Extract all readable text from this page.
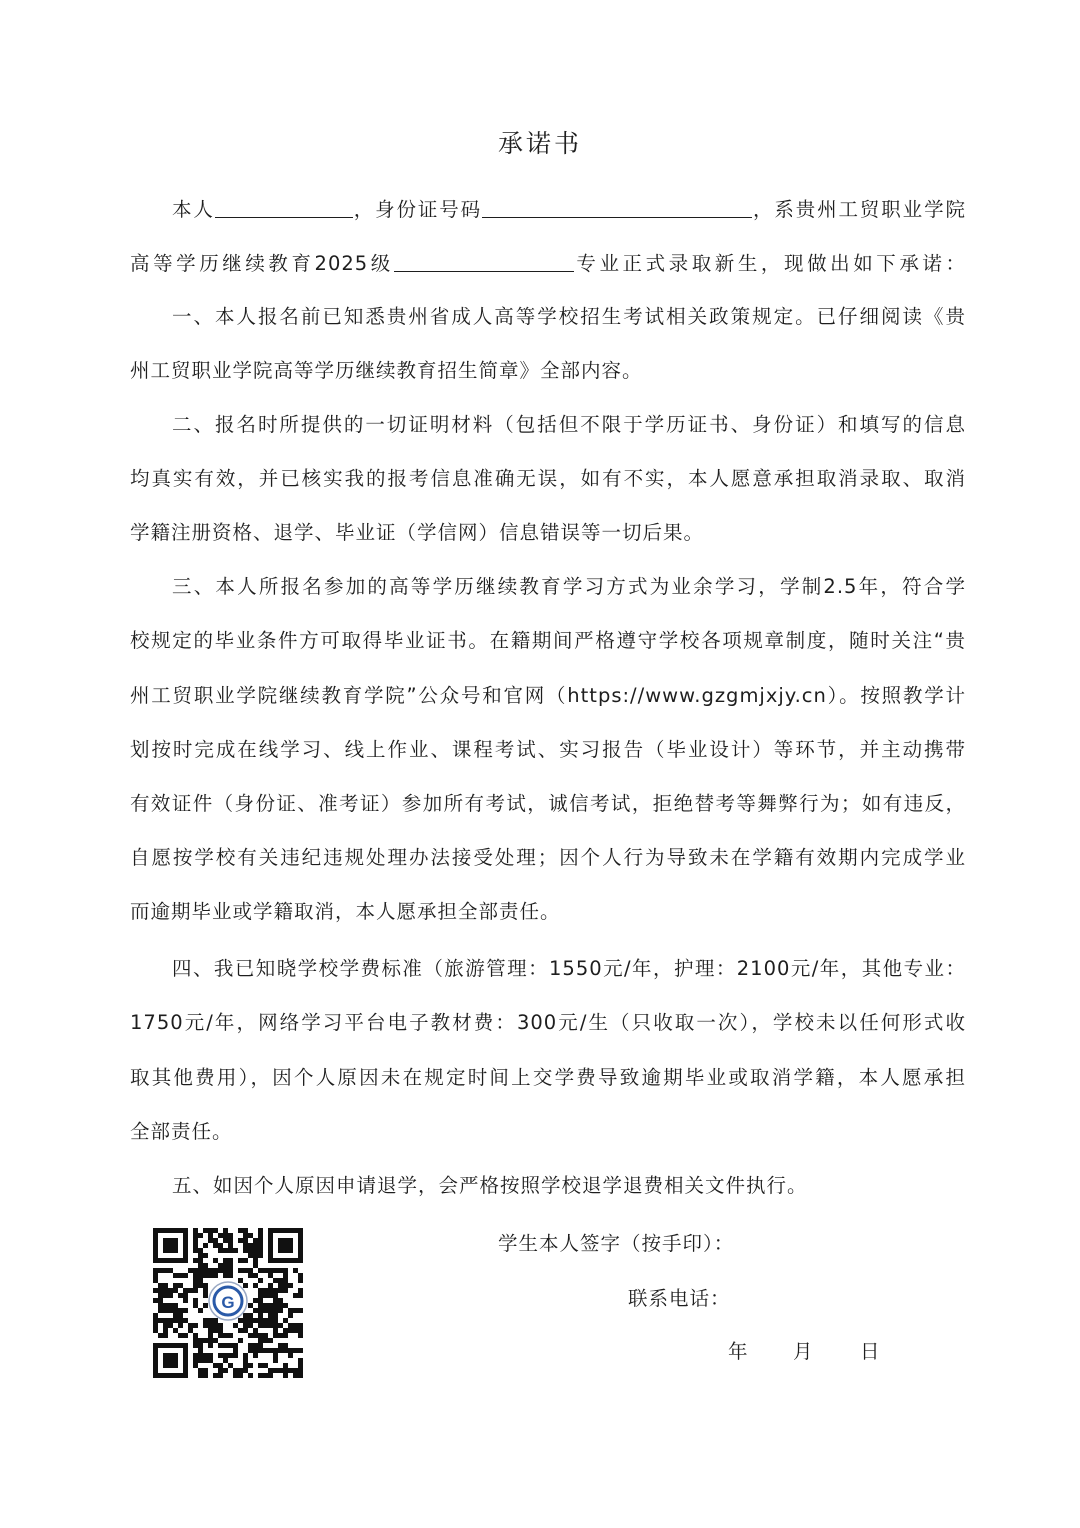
承诺书
本人	，身份证号码	，系贵州工贸职业学院
高等学历继续教育2025级	专业正式录取新生，现做出如下承诺：
一、本人报名前已知悉贵州省成人高等学校招生考试相关政策规定。已仔细阅读《贵
州工贸职业学院高等学历继续教育招生简章》全部内容。
二、报名时所提供的一切证明材料（包括但不限于学历证书、身份证）和填写的信息
均真实有效，并已核实我的报考信息准确无误，如有不实，本人愿意承担取消录取、取消
学籍注册资格、退学、毕业证（学信网）信息错误等一切后果。
三、本人所报名参加的高等学历继续教育学习方式为业余学习，学制2.5年，符合学
校规定的毕业条件方可取得毕业证书。在籍期间严格遵守学校各项规章制度，随时关注“贵
州工贸职业学院继续教育学院”公众号和官网（https://www.gzgmjxjy.cn）。按照教学计
划按时完成在线学习、线上作业、课程考试、实习报告（毕业设计）等环节，并主动携带
有效证件（身份证、准考证）参加所有考试，诚信考试，拒绝替考等舞弊行为；如有违反，
自愿按学校有关违纪违规处理办法接受处理；因个人行为导致未在学籍有效期内完成学业
而逾期毕业或学籍取消，本人愿承担全部责任。
四、我已知晓学校学费标准（旅游管理：1550元/年，护理：2100元/年，其他专业：
1750元/年，网络学习平台电子教材费：300元/生（只收取一次），学校未以任何形式收
取其他费用），因个人原因未在规定时间上交学费导致逾期毕业或取消学籍，本人愿承担
全部责任。
五、如因个人原因申请退学，会严格按照学校退学退费相关文件执行。
学生本人签字（按手印）：
联系电话：
年 月 日
G
